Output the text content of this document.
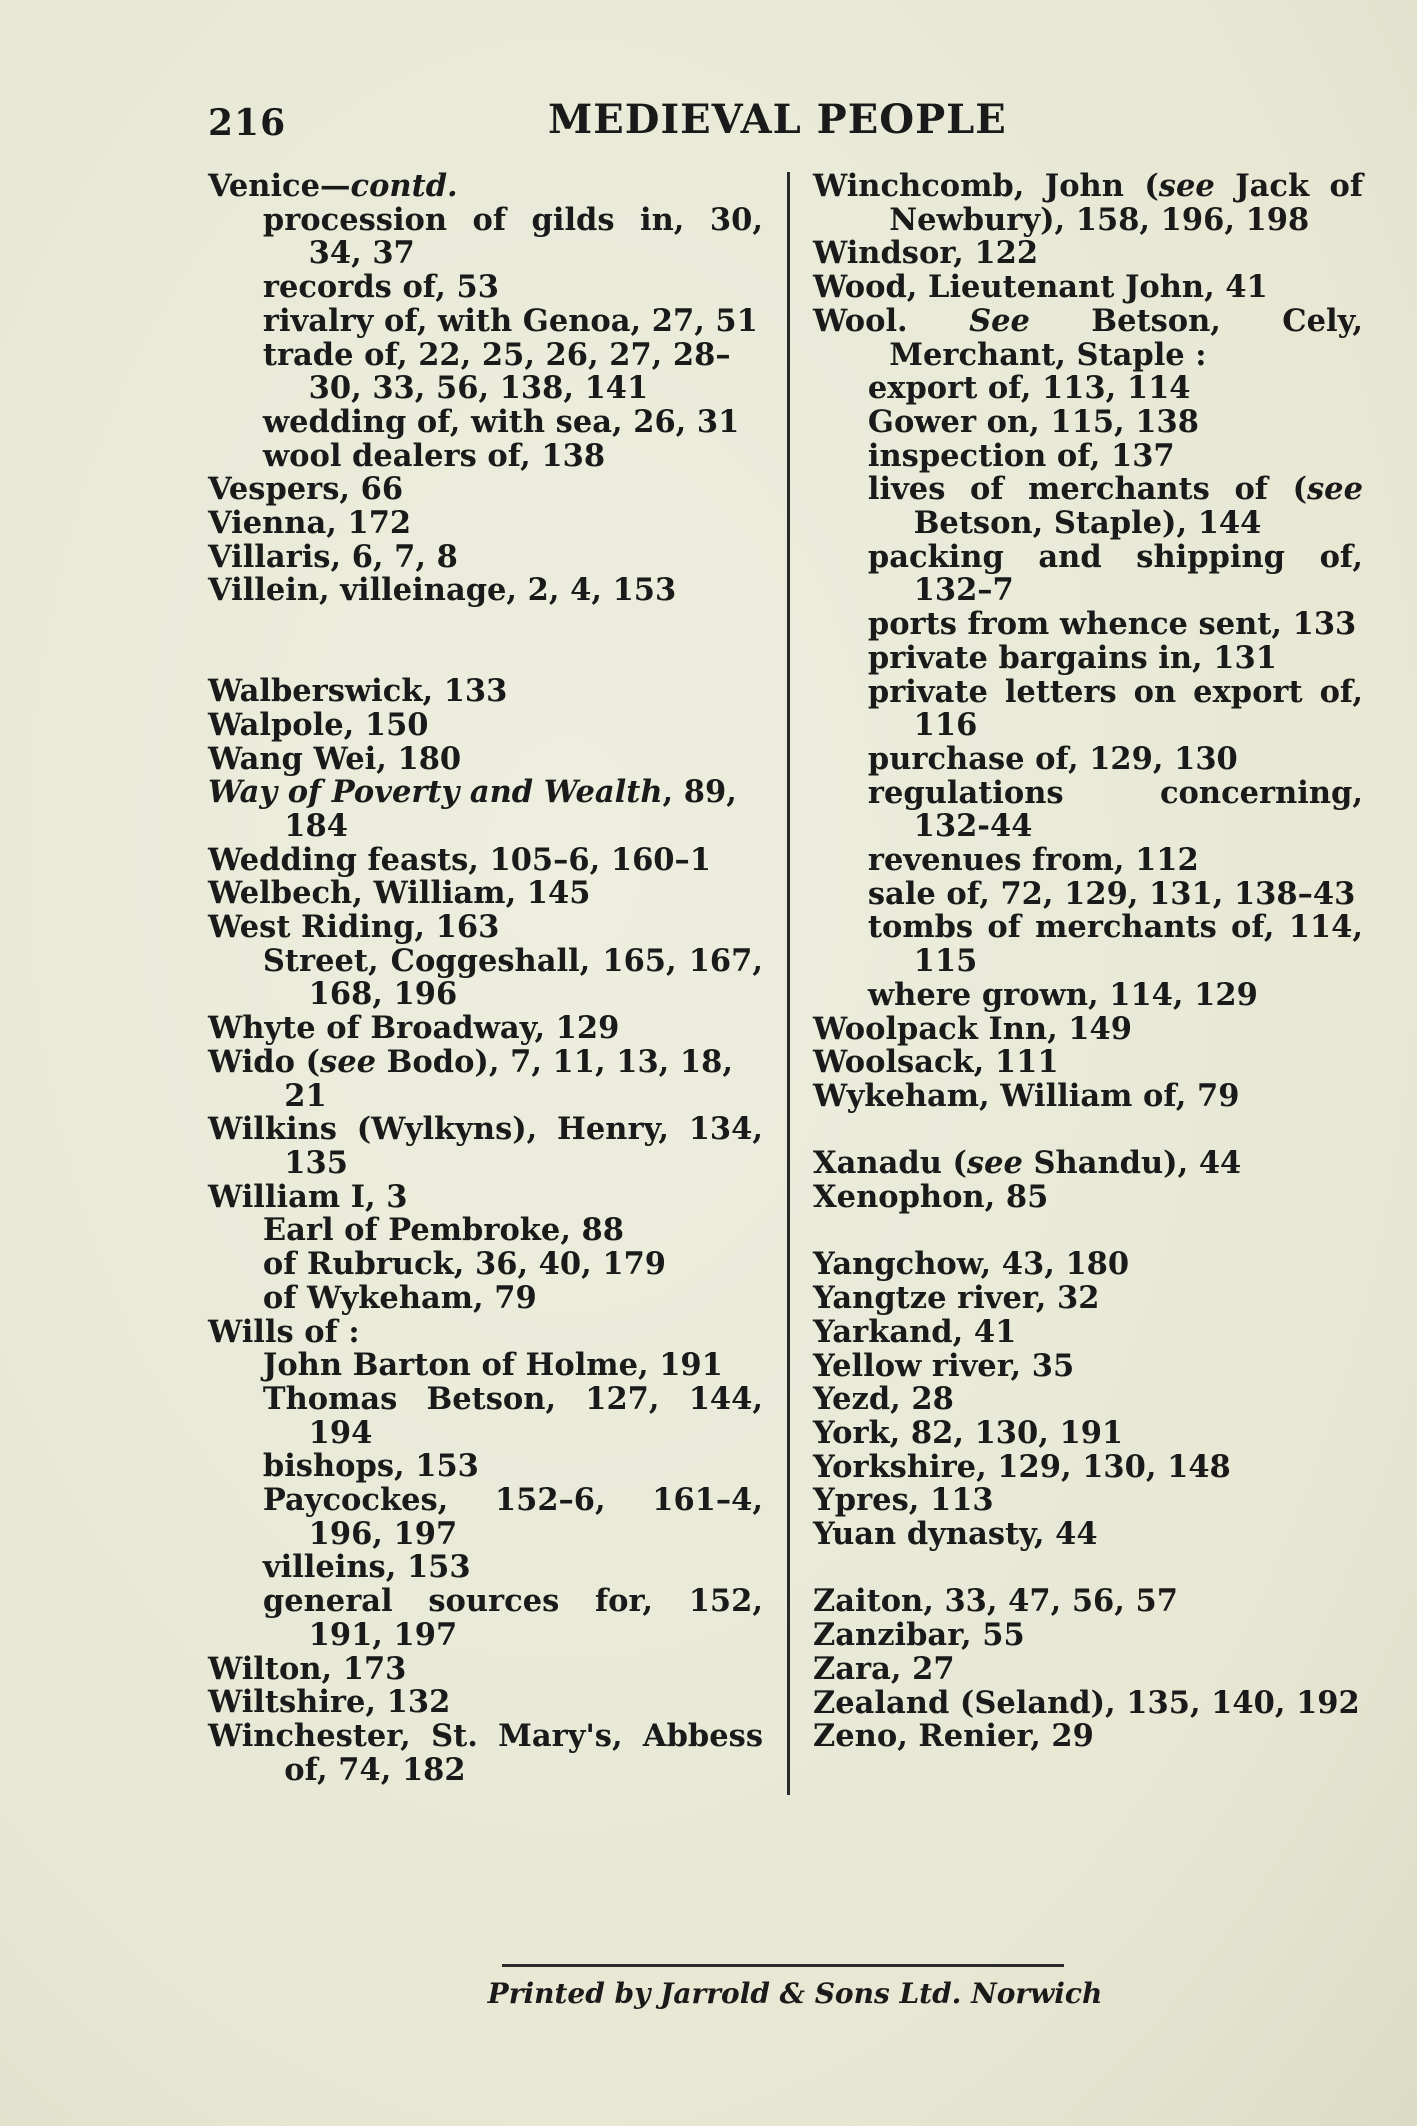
216	MEDIEVAL PEOPLE

Venice—contd.

procession of gilds in, 30, 34, 37

records of, 53

rivalry of, with Genoa, 27, 51

trade of, 22, 25, 26, 27, 28–30, 33, 56, 138, 141

wedding of, with sea, 26, 31

wool dealers of, 138

Vespers, 66

Vienna, 172

Villaris, 6, 7, 8

Villein, villeinage, 2, 4, 153

Walberswick, 133

Walpole, 150

Wang Wei, 180

Way of Poverty and Wealth, 89, 184

Wedding feasts, 105–6, 160–1

Welbech, William, 145

West Riding, 163

Street, Coggeshall, 165, 167, 168, 196

Whyte of Broadway, 129

Wido (see Bodo), 7, 11, 13, 18, 21

Wilkins (Wylkyns), Henry, 134, 135

William I, 3

Earl of Pembroke, 88

of Rubruck, 36, 40, 179

of Wykeham, 79

Wills of :

John Barton of Holme, 191

Thomas Betson, 127, 144, 194

bishops, 153

Paycockes, 152–6, 161–4, 196, 197

villeins, 153

general sources for, 152, 191, 197

Wilton, 173

Wiltshire, 132

Winchester, St. Mary's, Abbess of, 74, 182

Winchcomb, John (see Jack of Newbury), 158, 196, 198

Windsor, 122

Wood, Lieutenant John, 41

Wool. See Betson, Cely, Merchant, Staple :

export of, 113, 114

Gower on, 115, 138

inspection of, 137

lives of merchants of (see Betson, Staple), 144

packing and shipping of, 132–7

ports from whence sent, 133

private bargains in, 131

private letters on export of, 116

purchase of, 129, 130

regulations concerning, 132-44

revenues from, 112

sale of, 72, 129, 131, 138–43

tombs of merchants of, 114, 115

where grown, 114, 129

Woolpack Inn, 149

Woolsack, 111

Wykeham, William of, 79

Xanadu (see Shandu), 44

Xenophon, 85

Yangchow, 43, 180

Yangtze river, 32

Yarkand, 41

Yellow river, 35

Yezd, 28

York, 82, 130, 191

Yorkshire, 129, 130, 148

Ypres, 113

Yuan dynasty, 44

Zaiton, 33, 47, 56, 57

Zanzibar, 55

Zara, 27

Zealand (Seland), 135, 140, 192

Zeno, Renier, 29

Printed by Jarrold & Sons Ltd. Norwich
